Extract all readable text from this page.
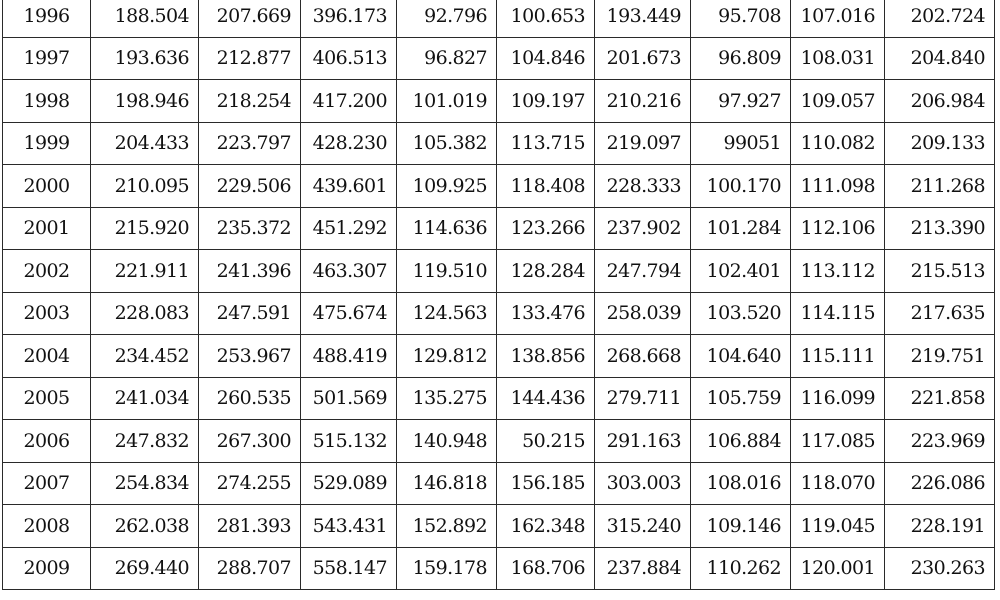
1996	188.504	207.669	396.173	92.796	100.653	193.449	95.708	107.016	202.724
1997	193.636	212.877	406.513	96.827	104.846	201.673	96.809	108.031	204.840
1998	198.946	218.254	417.200	101.019	109.197	210.216	97.927	109.057	206.984
1999	204.433	223.797	428.230	105.382	113.715	219.097	99051	110.082	209.133
2000	210.095	229.506	439.601	109.925	118.408	228.333	100.170	111.098	211.268
2001	215.920	235.372	451.292	114.636	123.266	237.902	101.284	112.106	213.390
2002	221.911	241.396	463.307	119.510	128.284	247.794	102.401	113.112	215.513
2003	228.083	247.591	475.674	124.563	133.476	258.039	103.520	114.115	217.635
2004	234.452	253.967	488.419	129.812	138.856	268.668	104.640	115.111	219.751
2005	241.034	260.535	501.569	135.275	144.436	279.711	105.759	116.099	221.858
2006	247.832	267.300	515.132	140.948	50.215	291.163	106.884	117.085	223.969
2007	254.834	274.255	529.089	146.818	156.185	303.003	108.016	118.070	226.086
2008	262.038	281.393	543.431	152.892	162.348	315.240	109.146	119.045	228.191
2009	269.440	288.707	558.147	159.178	168.706	237.884	110.262	120.001	230.263
